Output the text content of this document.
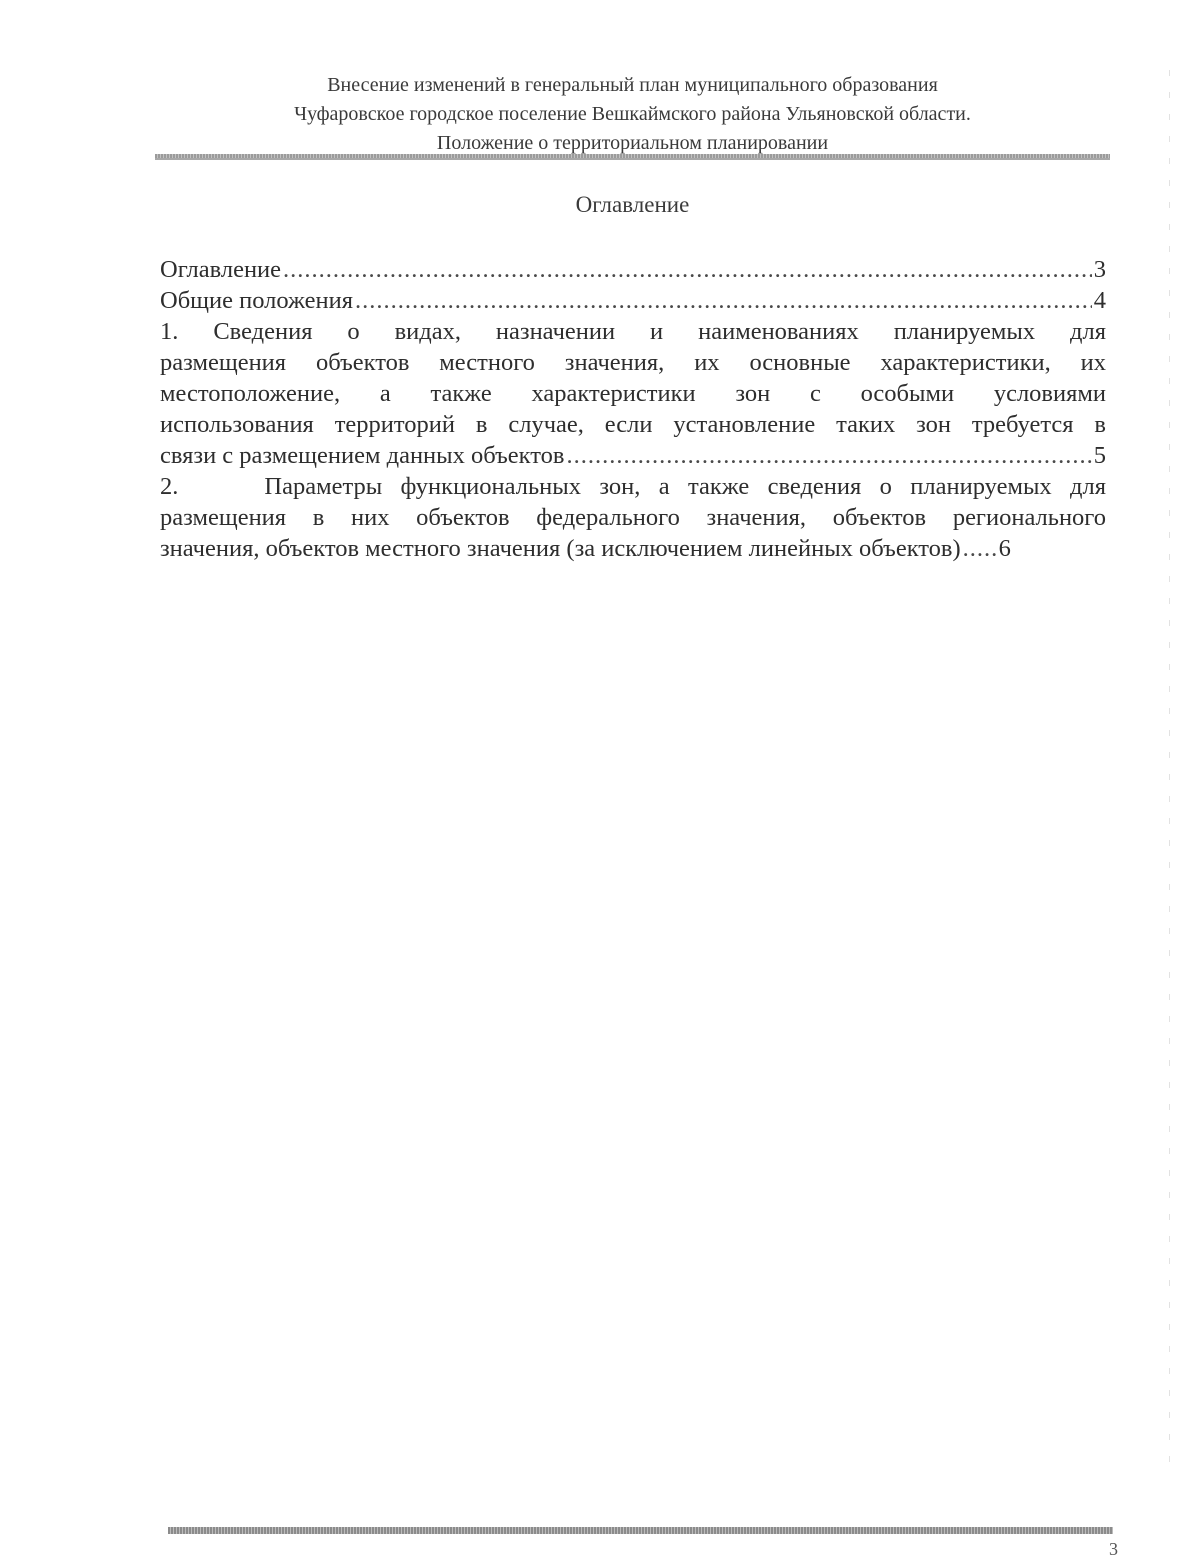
Внесение изменений в генеральный план муниципального образования
Чуфаровское городское поселение Вешкаймского района Ульяновской области.
Положение о территориальном планировании
Оглавление
Оглавление .....	3
Общие положения .....	4
1. Сведения о видах, назначении и наименованиях планируемых для
размещения объектов местного значения, их основные характеристики, их
местоположение, а также характеристики зон с особыми условиями
использования территорий в случае, если установление таких зон требуется в
связи с размещением данных объектов .....	5
2.	Параметры функциональных зон, а также сведения о планируемых для
размещения в них объектов федерального значения, объектов регионального
значения, объектов местного значения (за исключением линейных объектов) ..... 6
3
